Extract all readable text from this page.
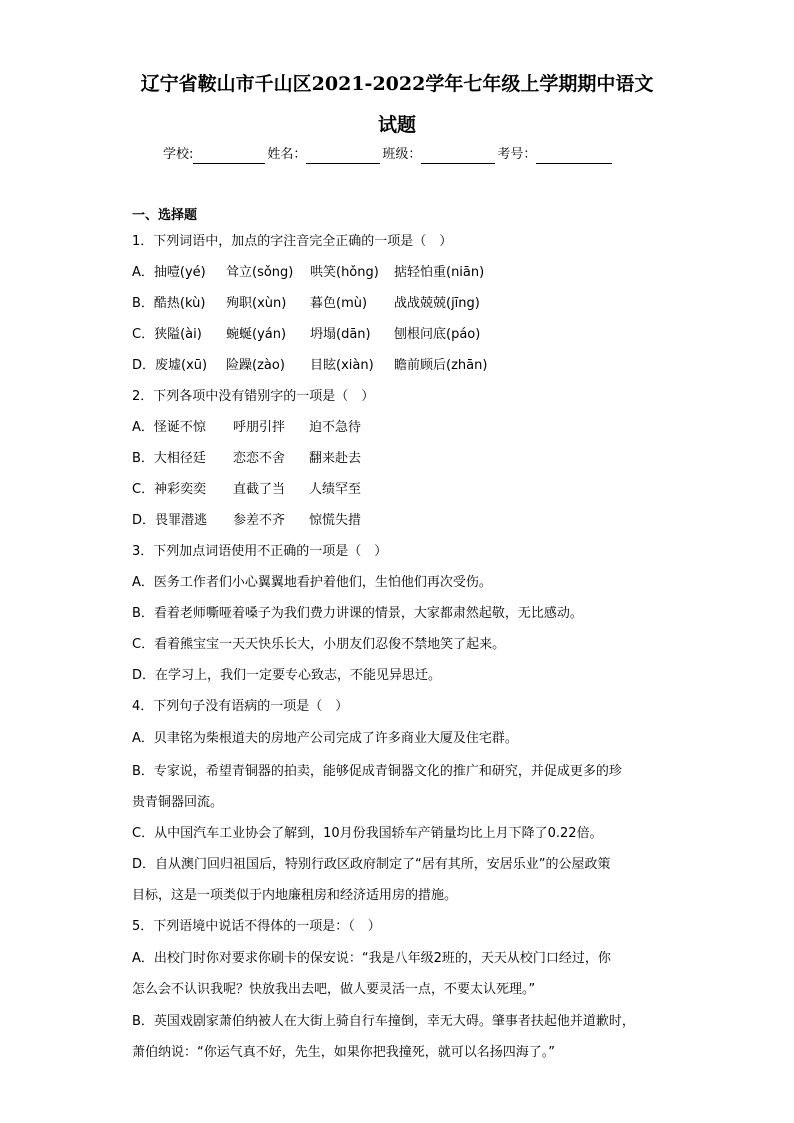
辽宁省鞍山市千山区2021-2022学年七年级上学期期中语文
试题
学校:	姓名：	班级：	考号：

一、选择题

1．下列词语中，加点的字注音完全正确的一项是（　）

A．抽噎(yé) 耸立(sǒng) 哄笑(hǒng) 掂轻怕重(niān)

B．酷热(kù) 殉职(xùn) 暮色(mù) 战战兢兢(jīng)

C．狭隘(ài) 蜿蜒(yán) 坍塌(dān) 刨根问底(páo)

D．废墟(xū) 险躁(zào) 目眩(xiàn) 瞻前顾后(zhān)

2．下列各项中没有错别字的一项是（　）

A．怪诞不惊 呼朋引拌 迫不急待

B．大相径廷 恋恋不舍 翻来赴去

C．神彩奕奕 直截了当 人绩罕至

D．畏罪潜逃 参差不齐 惊慌失措

3．下列加点词语使用不正确的一项是（　）

A．医务工作者们小心翼翼地看护着他们，生怕他们再次受伤。

B．看着老师嘶哑着嗓子为我们费力讲课的情景，大家都肃然起敬，无比感动。

C．看着熊宝宝一天天快乐长大，小朋友们忍俊不禁地笑了起来。

D．在学习上，我们一定要专心致志，不能见异思迁。

4．下列句子没有语病的一项是（　）

A．贝聿铭为柴根道夫的房地产公司完成了许多商业大厦及住宅群。

B．专家说，希望青铜器的拍卖，能够促成青铜器文化的推广和研究，并促成更多的珍

贵青铜器回流。

C．从中国汽车工业协会了解到，10月份我国轿车产销量均比上月下降了0.22倍。

D．自从澳门回归祖国后，特别行政区政府制定了“居有其所，安居乐业”的公屋政策

目标，这是一项类似于内地廉租房和经济适用房的措施。

5．下列语境中说话不得体的一项是：（　）

A．出校门时你对要求你刷卡的保安说：“我是八年级2班的，天天从校门口经过，你

怎么会不认识我呢？快放我出去吧，做人要灵活一点，不要太认死理。”

B．英国戏剧家萧伯纳被人在大街上骑自行车撞倒，幸无大碍。肇事者扶起他并道歉时，

萧伯纳说：“你运气真不好，先生，如果你把我撞死，就可以名扬四海了。”
